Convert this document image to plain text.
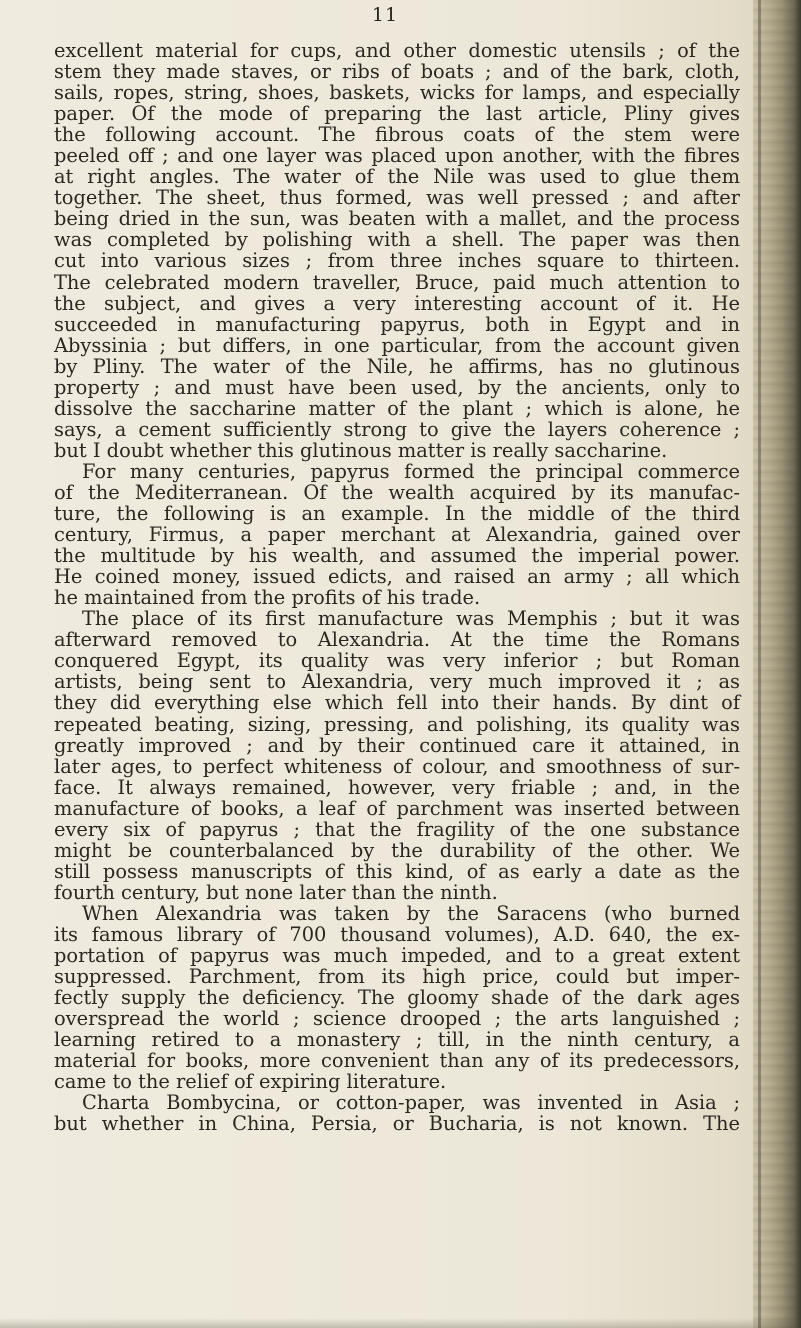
11
excellent material for cups, and other domestic utensils ; of the
stem they made staves, or ribs of boats ; and of the bark, cloth,
sails, ropes, string, shoes, baskets, wicks for lamps, and especially
paper. Of the mode of preparing the last article, Pliny gives
the following account. The fibrous coats of the stem were
peeled off ; and one layer was placed upon another, with the fibres
at right angles. The water of the Nile was used to glue them
together. The sheet, thus formed, was well pressed ; and after
being dried in the sun, was beaten with a mallet, and the process
was completed by polishing with a shell. The paper was then
cut into various sizes ; from three inches square to thirteen.
The celebrated modern traveller, Bruce, paid much attention to
the subject, and gives a very interesting account of it. He
succeeded in manufacturing papyrus, both in Egypt and in
Abyssinia ; but differs, in one particular, from the account given
by Pliny. The water of the Nile, he affirms, has no glutinous
property ; and must have been used, by the ancients, only to
dissolve the saccharine matter of the plant ; which is alone, he
says, a cement sufficiently strong to give the layers coherence ;
but I doubt whether this glutinous matter is really saccharine.
For many centuries, papyrus formed the principal commerce
of the Mediterranean. Of the wealth acquired by its manufac-
ture, the following is an example. In the middle of the third
century, Firmus, a paper merchant at Alexandria, gained over
the multitude by his wealth, and assumed the imperial power.
He coined money, issued edicts, and raised an army ; all which
he maintained from the profits of his trade.
The place of its first manufacture was Memphis ; but it was
afterward removed to Alexandria. At the time the Romans
conquered Egypt, its quality was very inferior ; but Roman
artists, being sent to Alexandria, very much improved it ; as
they did everything else which fell into their hands. By dint of
repeated beating, sizing, pressing, and polishing, its quality was
greatly improved ; and by their continued care it attained, in
later ages, to perfect whiteness of colour, and smoothness of sur-
face. It always remained, however, very friable ; and, in the
manufacture of books, a leaf of parchment was inserted between
every six of papyrus ; that the fragility of the one substance
might be counterbalanced by the durability of the other. We
still possess manuscripts of this kind, of as early a date as the
fourth century, but none later than the ninth.
When Alexandria was taken by the Saracens (who burned
its famous library of 700 thousand volumes), A.D. 640, the ex-
portation of papyrus was much impeded, and to a great extent
suppressed. Parchment, from its high price, could but imper-
fectly supply the deficiency. The gloomy shade of the dark ages
overspread the world ; science drooped ; the arts languished ;
learning retired to a monastery ; till, in the ninth century, a
material for books, more convenient than any of its predecessors,
came to the relief of expiring literature.
Charta Bombycina, or cotton-paper, was invented in Asia ;
but whether in China, Persia, or Bucharia, is not known. The
